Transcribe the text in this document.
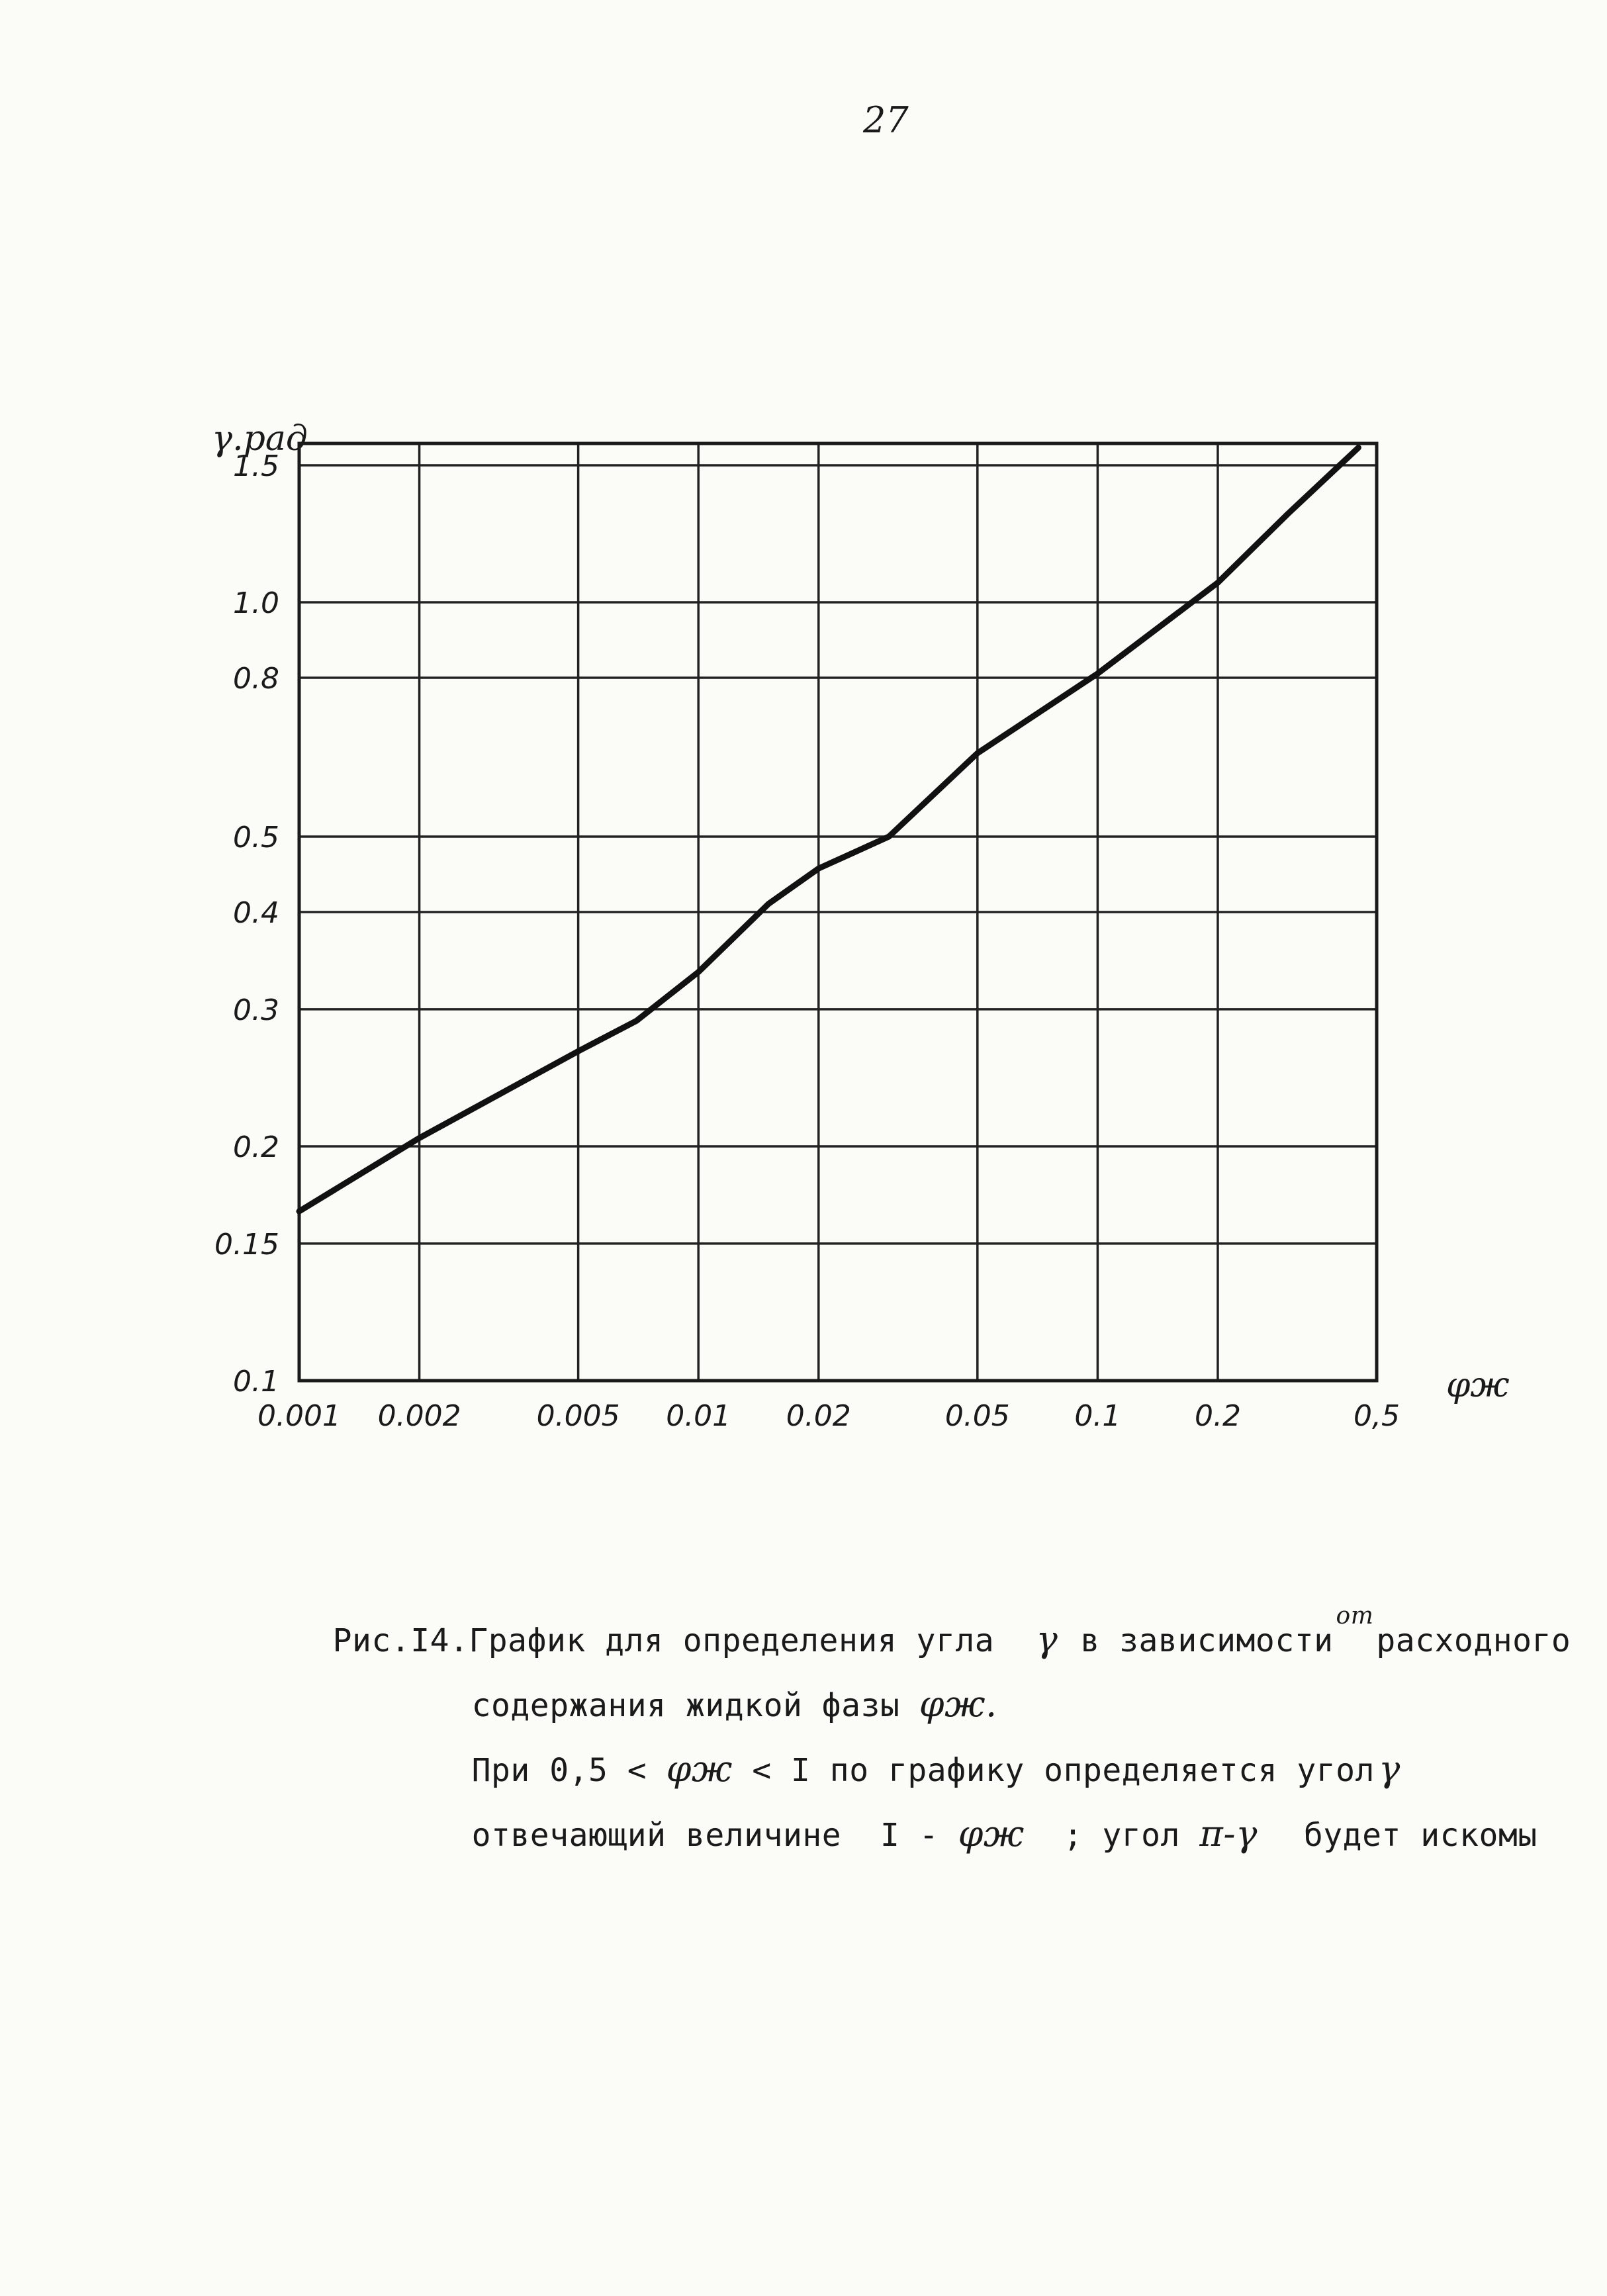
27
0.001 0.002	0.005 0.01 0.02	0.05 0.1	0.2	0,5
0.1
0.15
0.2
0.3
0.4
0.5
0.8
1.0
1.5
γ.рад
φж

Рис.I4.График для определения угла γ в зависимости$^{от}$расходного

содержания жидкой фазы φж.

При 0,5 < φж < I по графику определяется угол γ

отвечающий величине  I - φж ; угол π-γ будет искомы
